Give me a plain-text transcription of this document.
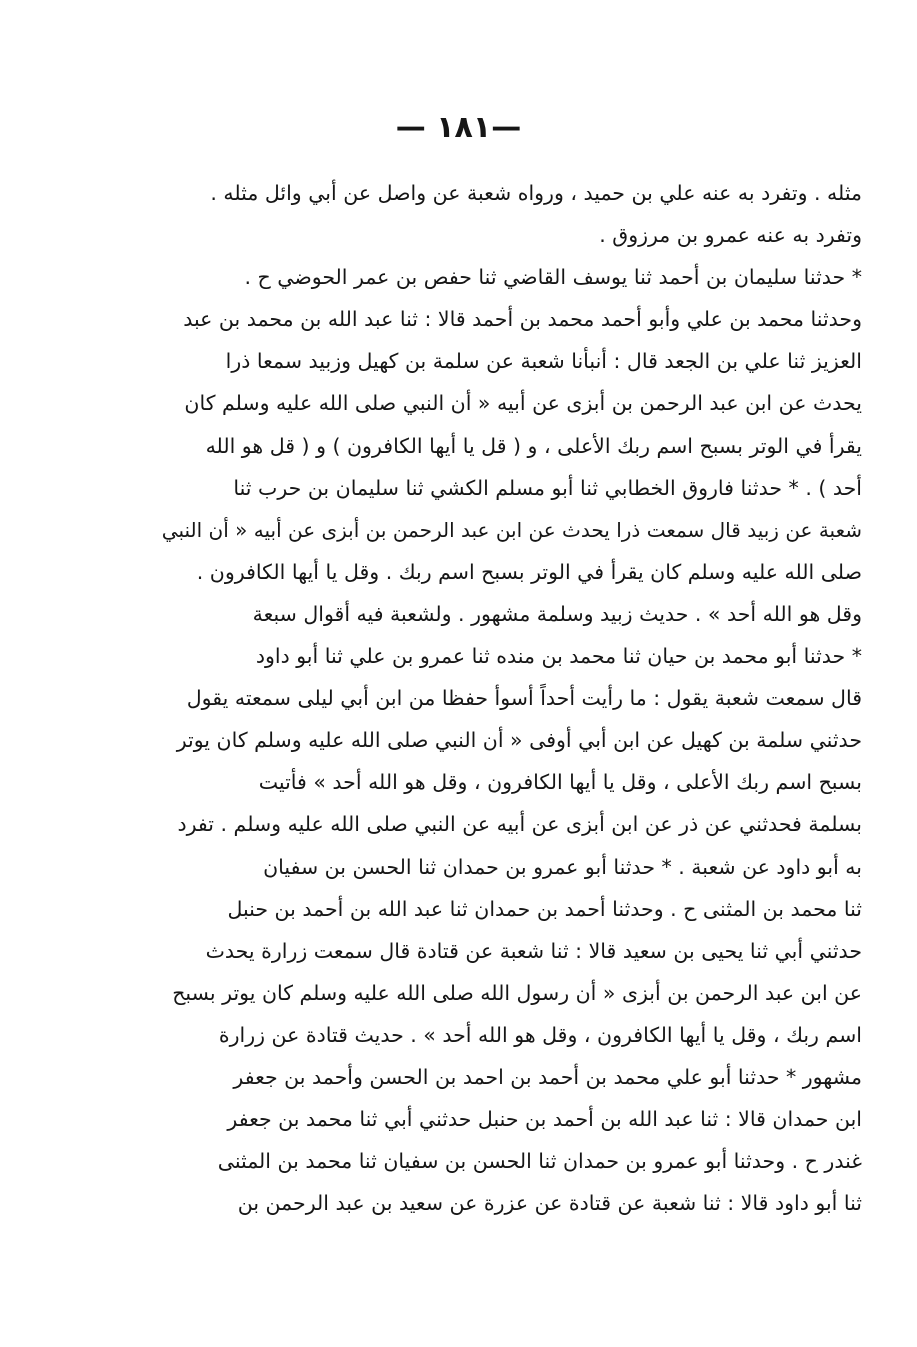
—١٨١ —
مثله . وتفرد به عنه علي بن حميد ، ورواه شعبة عن واصل عن أبي وائل مثله .
وتفرد به عنه عمرو بن مرزوق .
* حدثنا سليمان بن أحمد ثنا يوسف القاضي ثنا حفص بن عمر الحوضي ح .
وحدثنا محمد بن علي وأبو أحمد محمد بن أحمد قالا : ثنا عبد الله بن محمد بن عبد
العزيز ثنا علي بن الجعد قال : أنبأنا شعبة عن سلمة بن كهيل وزبيد سمعا ذرا
يحدث عن ابن عبد الرحمن بن أبزى عن أبيه « أن النبي صلى الله عليه وسلم كان
يقرأ في الوتر بسبح اسم ربك الأعلى ، و ( قل يا أيها الكافرون ) و ( قل هو الله
أحد ) . * حدثنا فاروق الخطابي ثنا أبو مسلم الكشي ثنا سليمان بن حرب ثنا
شعبة عن زبيد قال سمعت ذرا يحدث عن ابن عبد الرحمن بن أبزى عن أبيه « أن النبي
صلى الله عليه وسلم كان يقرأ في الوتر بسبح اسم ربك . وقل يا أيها الكافرون .
وقل هو الله أحد » . حديث زبيد وسلمة مشهور . ولشعبة فيه أقوال سبعة
* حدثنا أبو محمد بن حيان ثنا محمد بن منده ثنا عمرو بن علي ثنا أبو داود
قال سمعت شعبة يقول : ما رأيت أحداً أسوأ حفظا من ابن أبي ليلى سمعته يقول
حدثني سلمة بن كهيل عن ابن أبي أوفى « أن النبي صلى الله عليه وسلم كان يوتر
بسبح اسم ربك الأعلى ، وقل يا أيها الكافرون ، وقل هو الله أحد » فأتيت
بسلمة فحدثني عن ذر عن ابن أبزى عن أبيه عن النبي صلى الله عليه وسلم . تفرد
به أبو داود عن شعبة . * حدثنا أبو عمرو بن حمدان ثنا الحسن بن سفيان
ثنا محمد بن المثنى ح . وحدثنا أحمد بن حمدان ثنا عبد الله بن أحمد بن حنبل
حدثني أبي ثنا يحيى بن سعيد قالا : ثنا شعبة عن قتادة قال سمعت زرارة يحدث
عن ابن عبد الرحمن بن أبزى « أن رسول الله صلى الله عليه وسلم كان يوتر بسبح
اسم ربك ، وقل يا أيها الكافرون ، وقل هو الله أحد » . حديث قتادة عن زرارة
مشهور * حدثنا أبو علي محمد بن أحمد بن احمد بن الحسن وأحمد بن جعفر
ابن حمدان قالا : ثنا عبد الله بن أحمد بن حنبل حدثني أبي ثنا محمد بن جعفر
غندر ح . وحدثنا أبو عمرو بن حمدان ثنا الحسن بن سفيان ثنا محمد بن المثنى
ثنا أبو داود قالا : ثنا شعبة عن قتادة عن عزرة عن سعيد بن عبد الرحمن بن
